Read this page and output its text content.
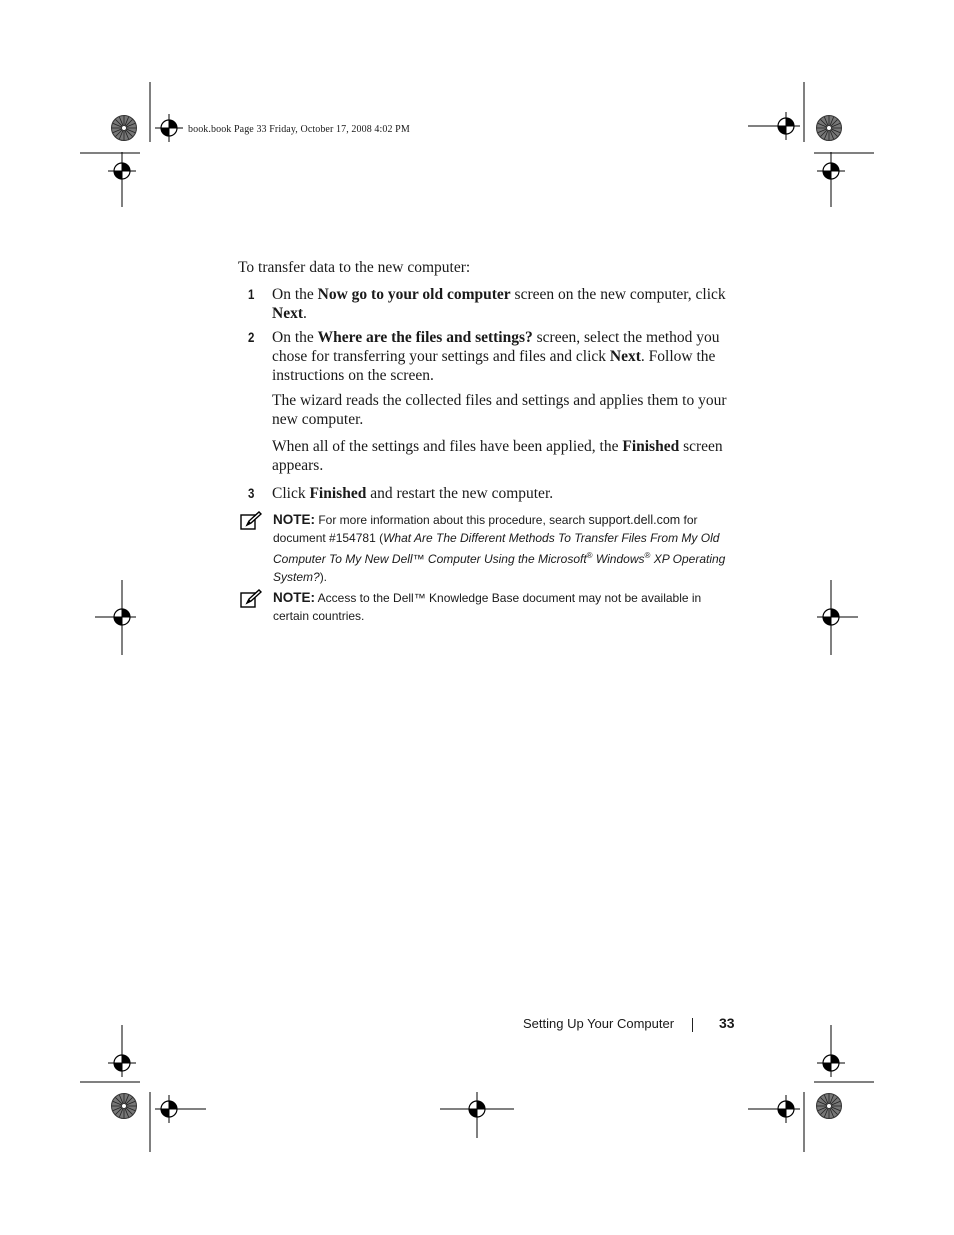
book.book Page 33 Friday, October 17, 2008 4:02 PM
To transfer data to the new computer:
1 On the Now go to your old computer screen on the new computer, click Next.
2 On the Where are the files and settings? screen, select the method you chose for transferring your settings and files and click Next. Follow the instructions on the screen.
The wizard reads the collected files and settings and applies them to your new computer.
When all of the settings and files have been applied, the Finished screen appears.
3 Click Finished and restart the new computer.
NOTE: For more information about this procedure, search support.dell.com for document #154781 (What Are The Different Methods To Transfer Files From My Old Computer To My New Dell™ Computer Using the Microsoft® Windows® XP Operating System?).
NOTE: Access to the Dell™ Knowledge Base document may not be available in certain countries.
Setting Up Your Computer	33
